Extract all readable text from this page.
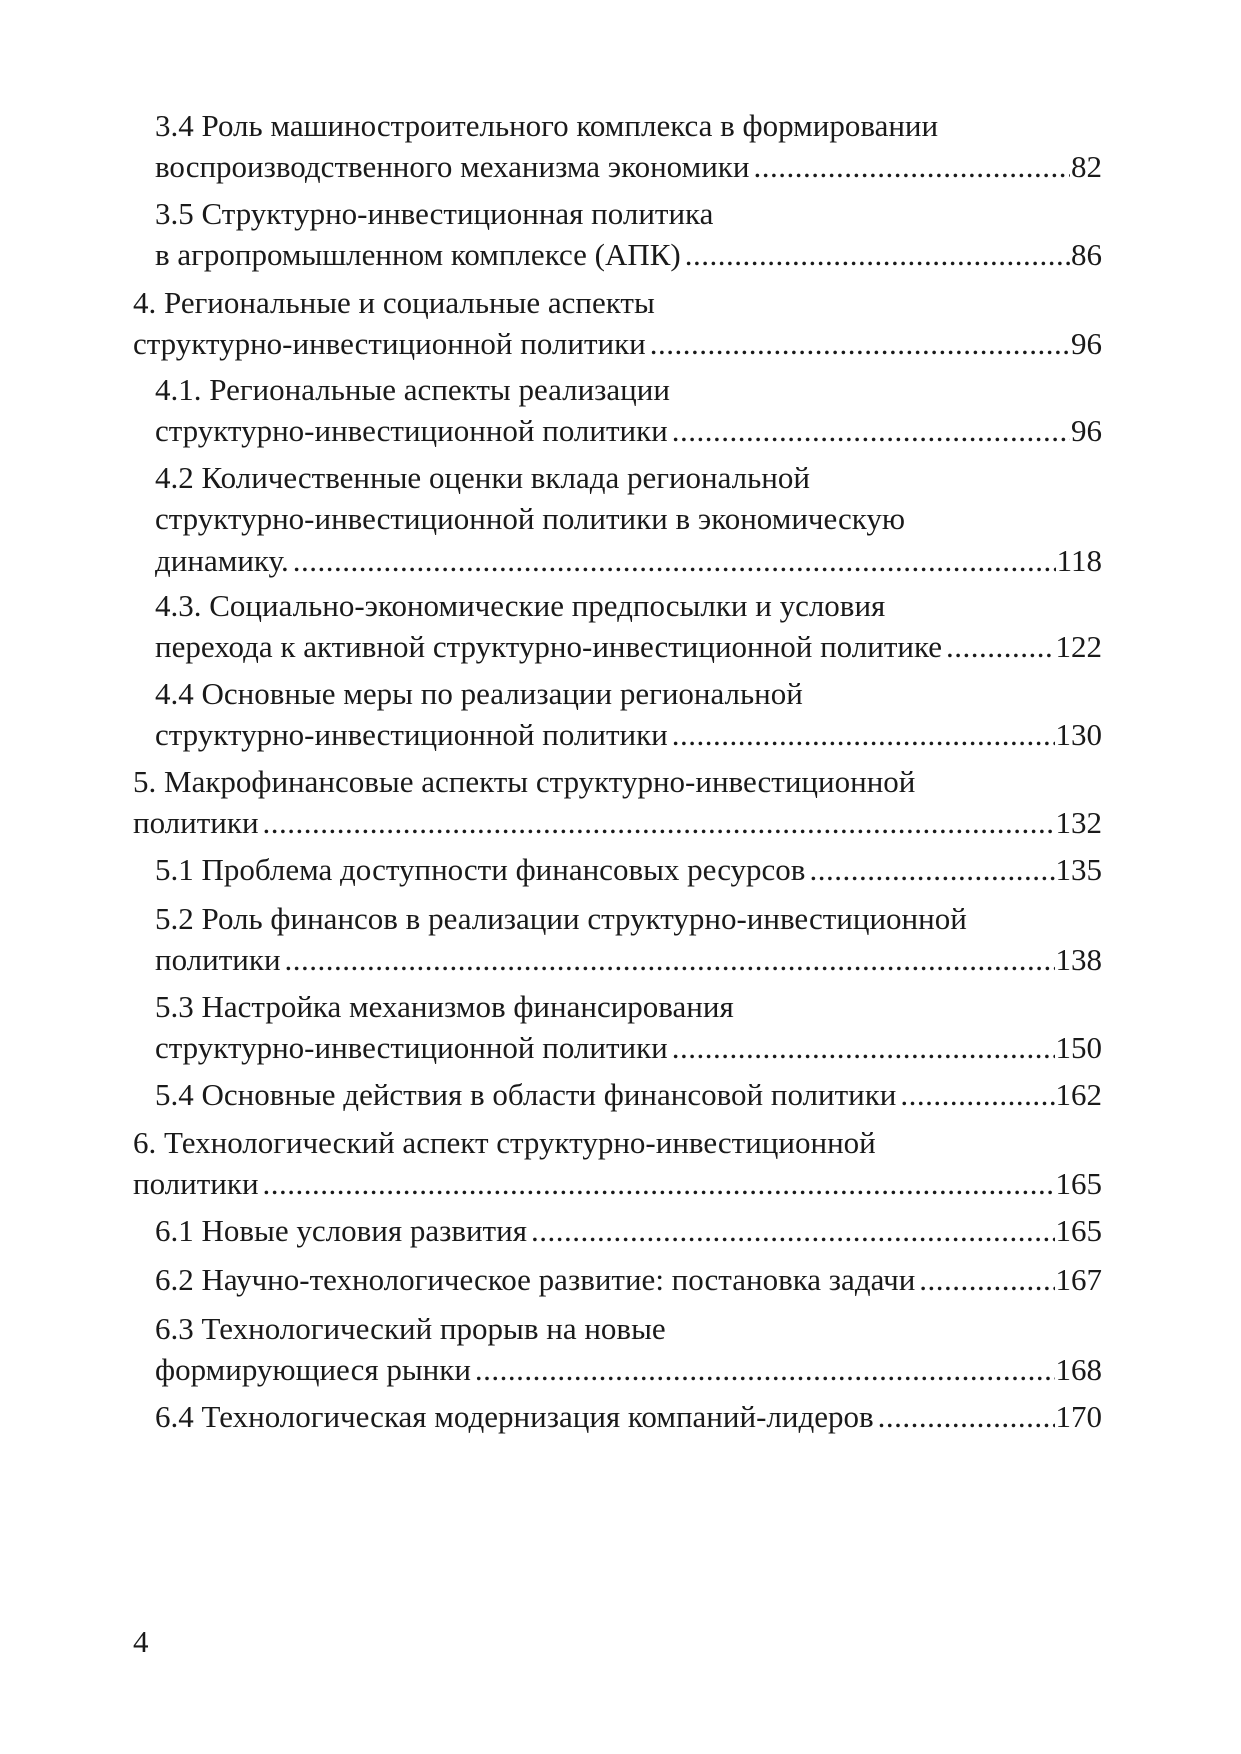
3.4 Роль машиностроительного комплекса в формировании
воспроизводственного механизма экономики .....	82
3.5 Структурно-инвестиционная политика
в агропромышленном комплексе (АПК) .....	86
4. Региональные и социальные аспекты
структурно-инвестиционной политики .....	96
4.1. Региональные аспекты реализации
структурно-инвестиционной политики .....	96
4.2 Количественные оценки вклада региональной
структурно-инвестиционной политики в экономическую
динамику. .....	118
4.3. Социально-экономические предпосылки и условия
перехода к активной структурно-инвестиционной политике .....	122
4.4 Основные меры по реализации региональной
структурно-инвестиционной политики .....	130
5. Макрофинансовые аспекты структурно-инвестиционной
политики .....	132
5.1 Проблема доступности финансовых ресурсов .....	135
5.2 Роль финансов в реализации структурно-инвестиционной
политики .....	138
5.3 Настройка механизмов финансирования
структурно-инвестиционной политики .....	150
5.4 Основные действия в области финансовой политики .....	162
6. Технологический аспект структурно-инвестиционной
политики .....	165
6.1 Новые условия развития .....	165
6.2 Научно-технологическое развитие: постановка задачи .....	167
6.3 Технологический прорыв на новые
формирующиеся рынки .....	168
6.4 Технологическая модернизация компаний-лидеров .....	170
4
